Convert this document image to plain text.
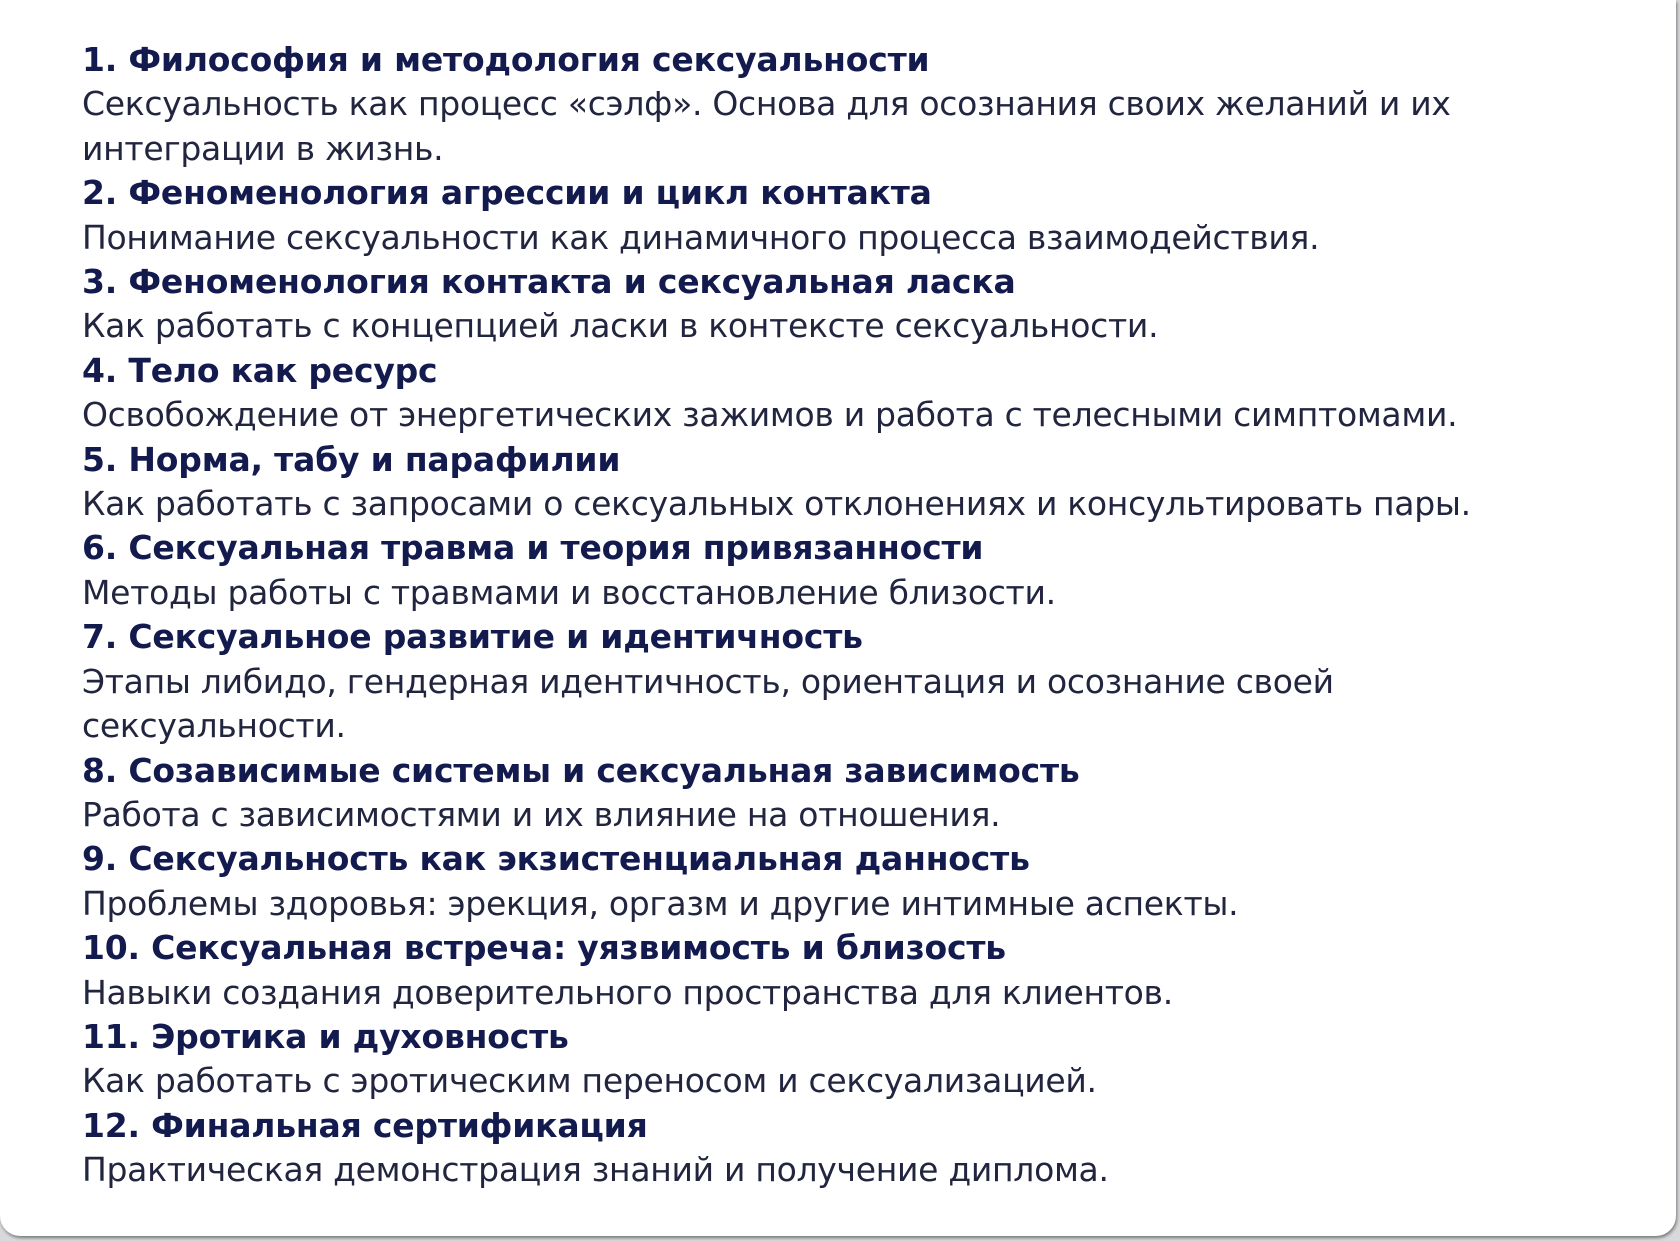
1. Философия и методология сексуальности
Сексуальность как процесс «сэлф». Основа для осознания своих желаний и их
интеграции в жизнь.
2. Феноменология агрессии и цикл контакта
Понимание сексуальности как динамичного процесса взаимодействия.
3. Феноменология контакта и сексуальная ласка
Как работать с концепцией ласки в контексте сексуальности.
4. Тело как ресурс
Освобождение от энергетических зажимов и работа с телесными симптомами.
5. Норма, табу и парафилии
Как работать с запросами о сексуальных отклонениях и консультировать пары.
6. Сексуальная травма и теория привязанности
Методы работы с травмами и восстановление близости.
7. Сексуальное развитие и идентичность
Этапы либидо, гендерная идентичность, ориентация и осознание своей
сексуальности.
8. Созависимые системы и сексуальная зависимость
Работа с зависимостями и их влияние на отношения.
9. Сексуальность как экзистенциальная данность
Проблемы здоровья: эрекция, оргазм и другие интимные аспекты.
10. Сексуальная встреча: уязвимость и близость
Навыки создания доверительного пространства для клиентов.
11. Эротика и духовность
Как работать с эротическим переносом и сексуализацией.
12. Финальная сертификация
Практическая демонстрация знаний и получение диплома.
